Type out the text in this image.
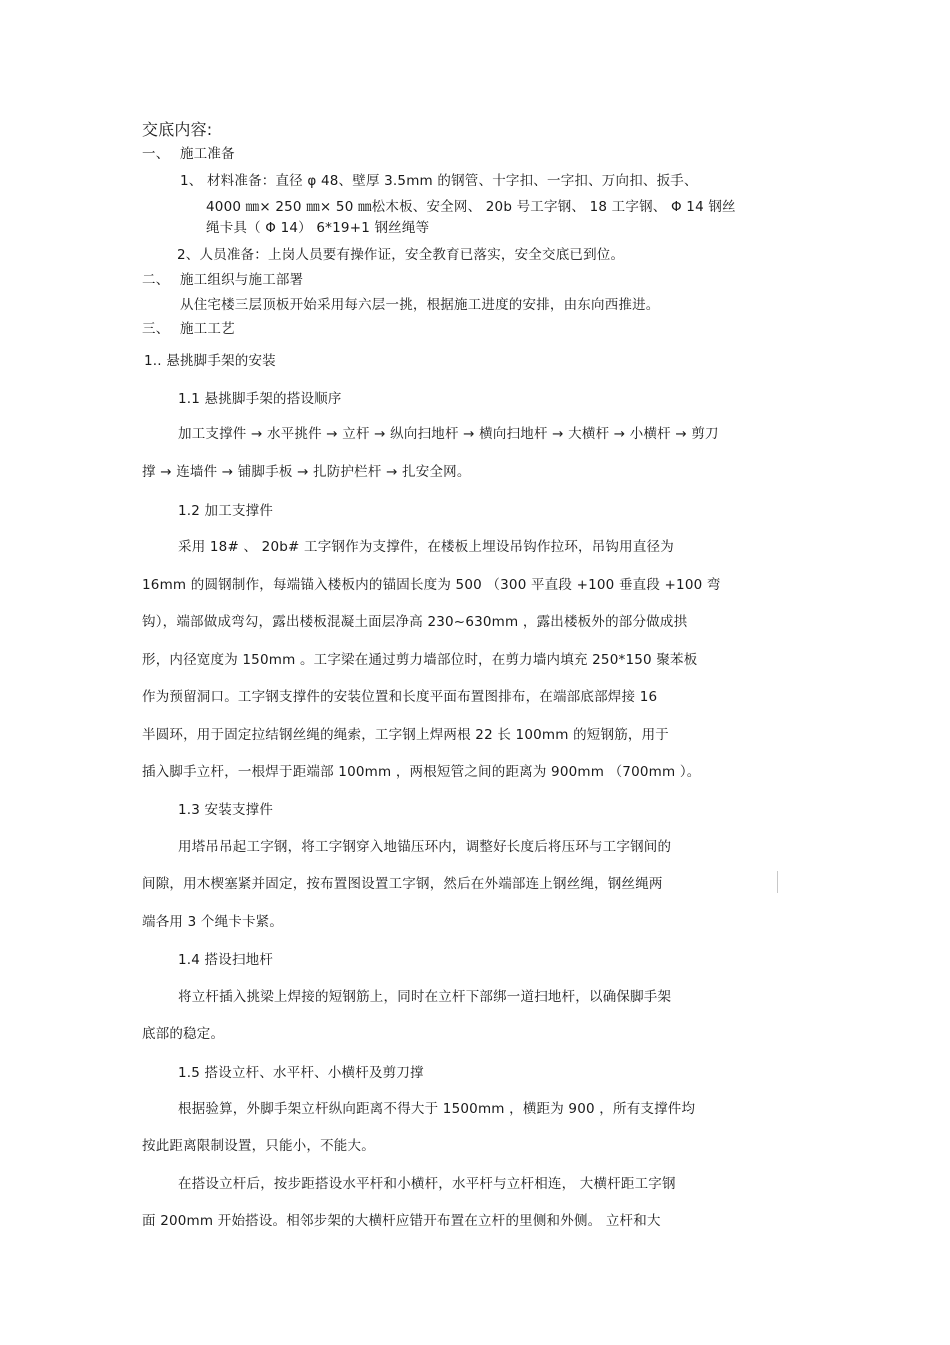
交底内容:
一、 施工准备
1、 材料准备：直径 φ 48、壁厚 3.5mm 的钢管、十字扣、一字扣、万向扣、扳手、
4000 ㎜× 250 ㎜× 50 ㎜松木板、安全网、 20b 号工字钢、 18 工字钢、 Φ 14 钢丝
绳卡具（ Φ 14） 6*19+1 钢丝绳等
2、人员准备：上岗人员要有操作证，安全教育已落实，安全交底已到位。
二、 施工组织与施工部署
从住宅楼三层顶板开始采用每六层一挑，根据施工进度的安排，由东向西推进。
三、 施工工艺
1.. 悬挑脚手架的安装
1.1 悬挑脚手架的搭设顺序
加工支撑件 → 水平挑件 → 立杆 → 纵向扫地杆 → 横向扫地杆 → 大横杆 → 小横杆 → 剪刀
撑 → 连墙件 → 铺脚手板 → 扎防护栏杆 → 扎安全网。
1.2 加工支撑件
采用 18# 、 20b# 工字钢作为支撑件，在楼板上埋设吊钩作拉环，吊钩用直径为
16mm 的圆钢制作，每端锚入楼板内的锚固长度为 500 （300 平直段 +100 垂直段 +100 弯
钩），端部做成弯勾，露出楼板混凝土面层净高 230~630mm ，露出楼板外的部分做成拱
形，内径宽度为 150mm 。工字梁在通过剪力墙部位时，在剪力墙内填充 250*150 聚苯板
作为预留洞口。工字钢支撑件的安装位置和长度平面布置图排布，在端部底部焊接 16
半圆环，用于固定拉结钢丝绳的绳索，工字钢上焊两根 22 长 100mm 的短钢筋，用于
插入脚手立杆，一根焊于距端部 100mm ，两根短管之间的距离为 900mm （700mm ）。
1.3 安装支撑件
用塔吊吊起工字钢，将工字钢穿入地锚压环内，调整好长度后将压环与工字钢间的
间隙，用木楔塞紧并固定，按布置图设置工字钢，然后在外端部连上钢丝绳，钢丝绳两
端各用 3 个绳卡卡紧。
1.4 搭设扫地杆
将立杆插入挑梁上焊接的短钢筋上，同时在立杆下部绑一道扫地杆，以确保脚手架
底部的稳定。
1.5 搭设立杆、水平杆、小横杆及剪刀撑
根据验算，外脚手架立杆纵向距离不得大于 1500mm ，横距为 900 ，所有支撑件均
按此距离限制设置，只能小，不能大。
在搭设立杆后，按步距搭设水平杆和小横杆，水平杆与立杆相连， 大横杆距工字钢
面 200mm 开始搭设。相邻步架的大横杆应错开布置在立杆的里侧和外侧。 立杆和大
